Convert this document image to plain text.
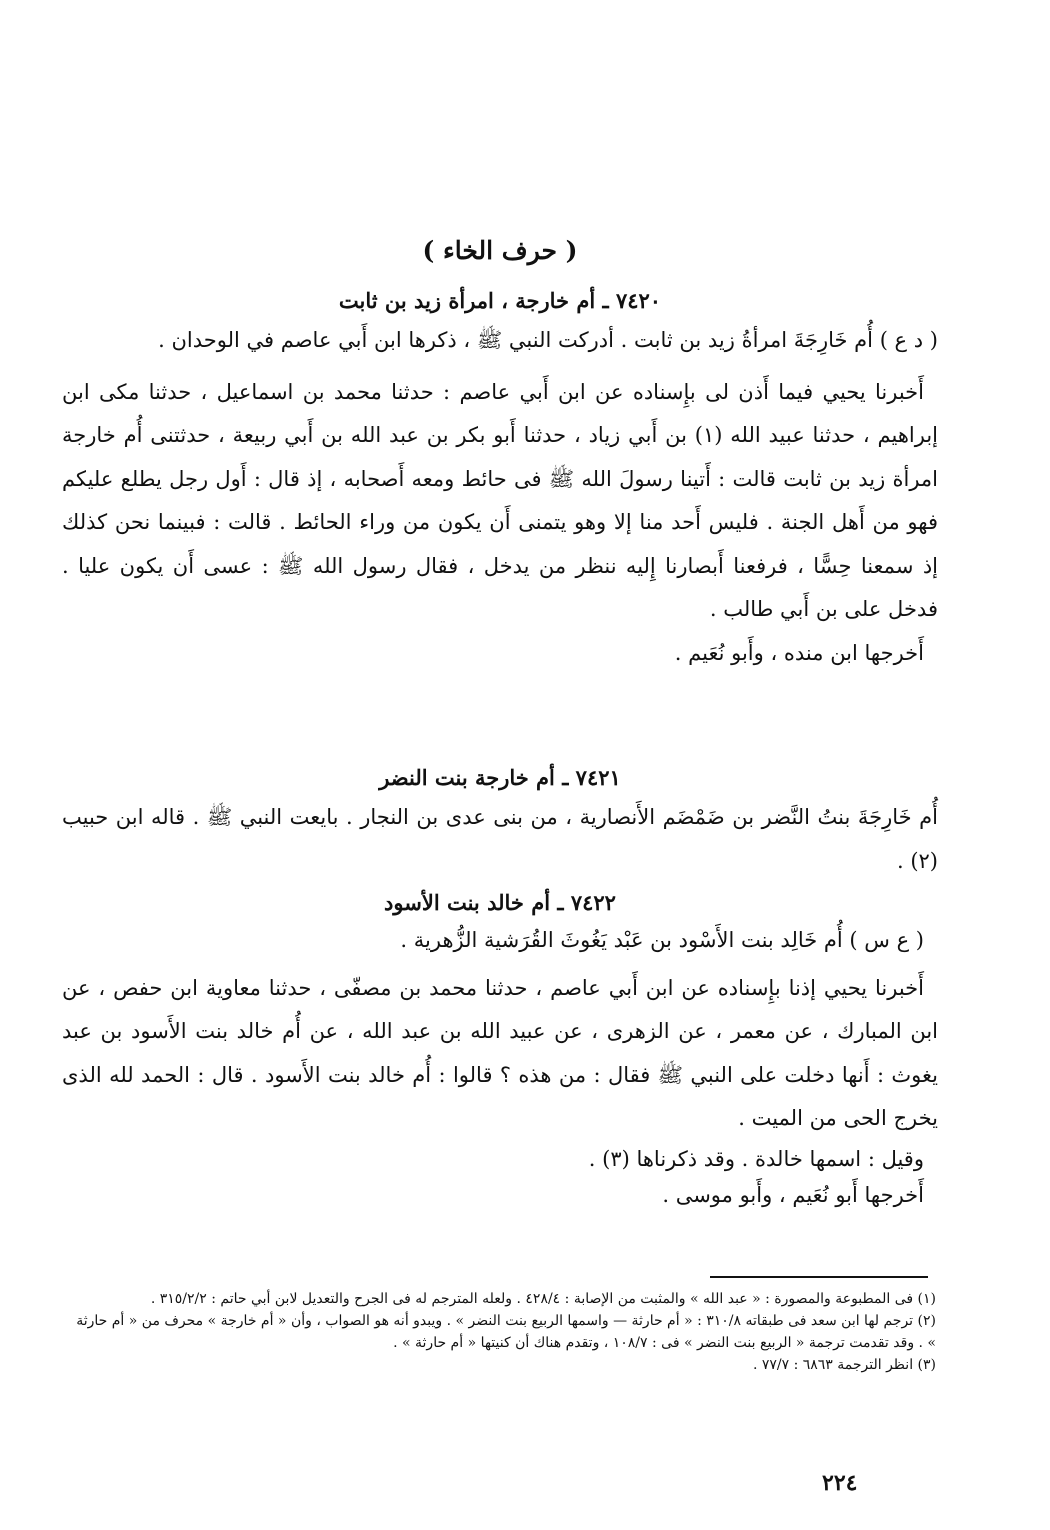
( حرف الخاء )
٧٤٢٠ ـ أم خارجة ، امرأة زيد بن ثابت

( د ع ) أُم خَارِجَةَ امرأةُ زيد بن ثابت . أدركت النبي ﷺ ، ذكرها ابن أَبي عاصم في الوحدان .

أَخبرنا يحيي فيما أَذن لى بإِسناده عن ابن أَبي عاصم : حدثنا محمد بن اسماعيل ، حدثنا مكى ابن إبراهيم ، حدثنا عبيد الله (١) بن أَبي زياد ، حدثنا أَبو بكر بن عبد الله بن أَبي ربيعة ، حدثتنى أُم خارجة امرأة زيد بن ثابت قالت : أَتينا رسولَ الله ﷺ فى حائط ومعه أَصحابه ، إذ قال : أَول رجل يطلع عليكم فهو من أَهل الجنة . فليس أَحد منا إلا وهو يتمنى أَن يكون من وراء الحائط . قالت : فبينما نحن كذلك إذ سمعنا حِسًّا ، فرفعنا أَبصارنا إِليه ننظر من يدخل ، فقال رسول الله ﷺ : عسى أَن يكون عليا . فدخل على بن أَبي طالب .

أَخرجها ابن منده ، وأَبو نُعَيم .

٧٤٢١ ـ أم خارجة بنت النضر

أُم خَارِجَةَ بنتُ النَّضر بن ضَمْضَم الأَنصارية ، من بنى عدى بن النجار . بايعت النبي ﷺ . قاله ابن حبيب (٢) .

٧٤٢٢ ـ أم خالد بنت الأسود

( ع س ) أُم خَالِد بنت الأَسْود بن عَبْد يَغُوثَ القُرَشية الزُّهرية .

أَخبرنا يحيي إذنا بإِسناده عن ابن أَبي عاصم ، حدثنا محمد بن مصفّى ، حدثنا معاوية ابن حفص ، عن ابن المبارك ، عن معمر ، عن الزهرى ، عن عبيد الله بن عبد الله ، عن أُم خالد بنت الأَسود بن عبد يغوث : أَنها دخلت على النبي ﷺ فقال : من هذه ؟ قالوا : أُم خالد بنت الأَسود . قال : الحمد لله الذى يخرج الحى من الميت .

وقيل : اسمها خالدة . وقد ذكرناها (٣) .

أَخرجها أَبو نُعَيم ، وأَبو موسى .

(١) فى المطبوعة والمصورة : « عبد الله » والمثبت من الإصابة : ٤٢٨/٤ . ولعله المترجم له فى الجرح والتعديل لابن أبي حاتم : ٣١٥/٢/٢ .
(٢) ترجم لها ابن سعد فى طبقاته ٣١٠/٨ : « أم حارثة — واسمها الربيع بنت النضر » . ويبدو أنه هو الصواب ، وأن « أم خارجة » محرف من « أم حارثة » . وقد تقدمت ترجمة « الربيع بنت النضر » فى : ١٠٨/٧ ، وتقدم هناك أن كنيتها « أم حارثة » .
(٣) انظر الترجمة ٦٨٦٣ : ٧٧/٧ .
٢٢٤
